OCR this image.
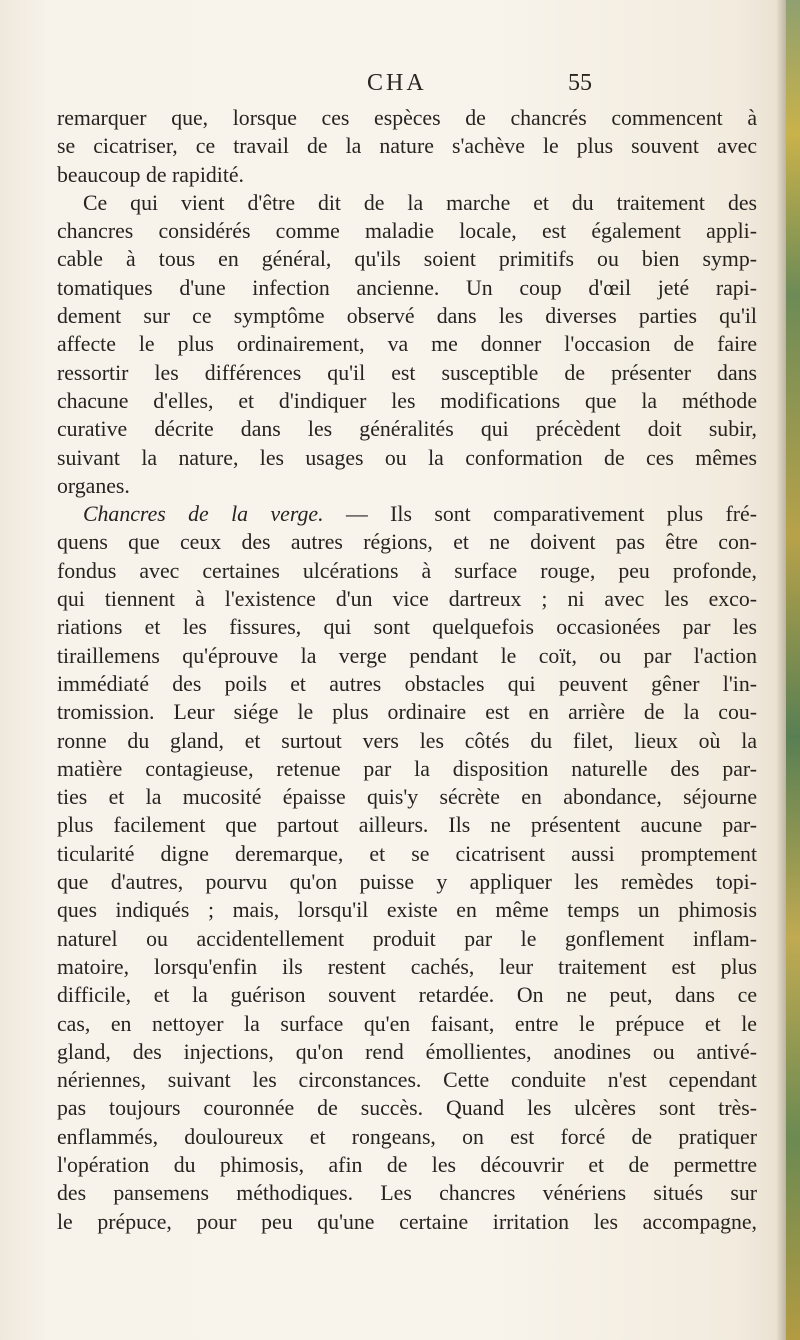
CHA	55
remarquer que, lorsque ces espèces de chancrés commencent à
se cicatriser, ce travail de la nature s'achève le plus souvent avec
beaucoup de rapidité.
Ce qui vient d'être dit de la marche et du traitement des
chancres considérés comme maladie locale, est également appli-
cable à tous en général, qu'ils soient primitifs ou bien symp-
tomatiques d'une infection ancienne. Un coup d'œil jeté rapi-
dement sur ce symptôme observé dans les diverses parties qu'il
affecte le plus ordinairement, va me donner l'occasion de faire
ressortir les différences qu'il est susceptible de présenter dans
chacune d'elles, et d'indiquer les modifications que la méthode
curative décrite dans les généralités qui précèdent doit subir,
suivant la nature, les usages ou la conformation de ces mêmes
organes.
Chancres de la verge. — Ils sont comparativement plus fré-
quens que ceux des autres régions, et ne doivent pas être con-
fondus avec certaines ulcérations à surface rouge, peu profonde,
qui tiennent à l'existence d'un vice dartreux ; ni avec les exco-
riations et les fissures, qui sont quelquefois occasionées par les
tiraillemens qu'éprouve la verge pendant le coït, ou par l'action
immédiaté des poils et autres obstacles qui peuvent gêner l'in-
tromission. Leur siége le plus ordinaire est en arrière de la cou-
ronne du gland, et surtout vers les côtés du filet, lieux où la
matière contagieuse, retenue par la disposition naturelle des par-
ties et la mucosité épaisse quis'y sécrète en abondance, séjourne
plus facilement que partout ailleurs. Ils ne présentent aucune par-
ticularité digne deremarque, et se cicatrisent aussi promptement
que d'autres, pourvu qu'on puisse y appliquer les remèdes topi-
ques indiqués ; mais, lorsqu'il existe en même temps un phimosis
naturel ou accidentellement produit par le gonflement inflam-
matoire, lorsqu'enfin ils restent cachés, leur traitement est plus
difficile, et la guérison souvent retardée. On ne peut, dans ce
cas, en nettoyer la surface qu'en faisant, entre le prépuce et le
gland, des injections, qu'on rend émollientes, anodines ou antivé-
nériennes, suivant les circonstances. Cette conduite n'est cependant
pas toujours couronnée de succès. Quand les ulcères sont très-
enflammés, douloureux et rongeans, on est forcé de pratiquer
l'opération du phimosis, afin de les découvrir et de permettre
des pansemens méthodiques. Les chancres vénériens situés sur
le prépuce, pour peu qu'une certaine irritation les accompagne,
